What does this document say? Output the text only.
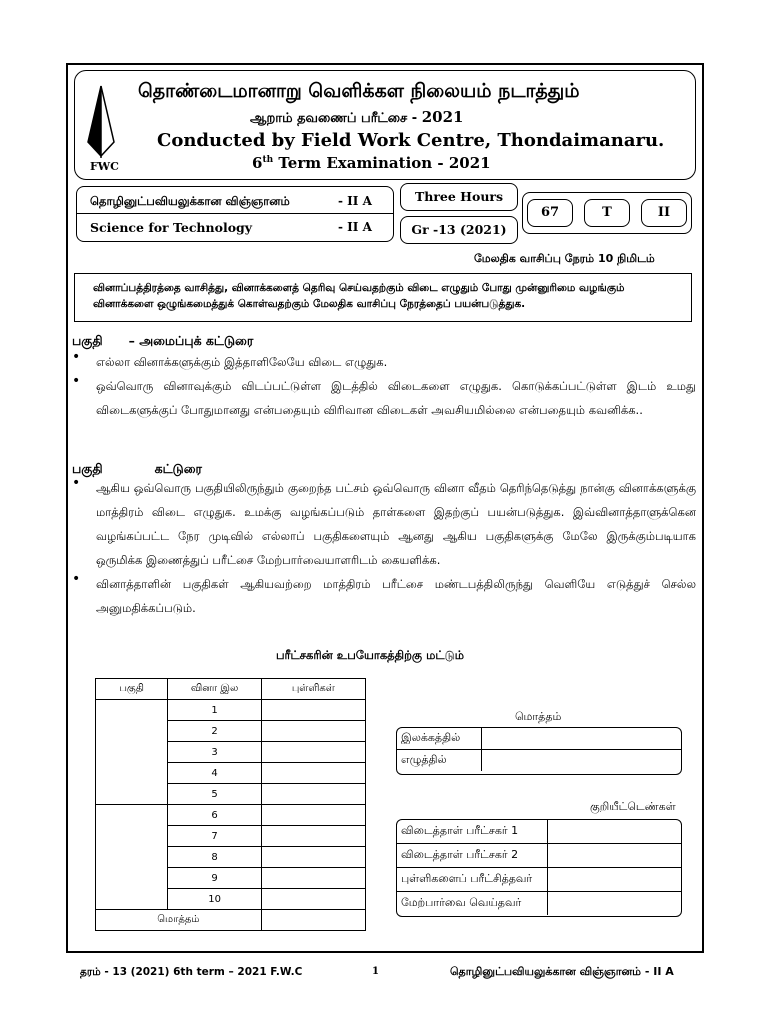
FWC
தொண்டைமானாறு வெளிக்கள நிலையம் நடாத்தும்
ஆறாம் தவணைப் பரீட்சை - 2021
Conducted by Field Work Centre, Thondaimanaru.
6th Term Examination - 2021
தொழினுட்பவியலுக்கான விஞ்ஞானம்	- II A
Science for Technology	- II A
Three Hours
Gr -13 (2021)
67	T	II
மேலதிக வாசிப்பு நேரம் 10 நிமிடம்
வினாப்பத்திரத்தை வாசித்து, வினாக்களைத் தெரிவு செய்வதற்கும் விடை எழுதும் போது முன்னுரிமை வழங்கும் வினாக்களை ஒழுங்கமைத்துக் கொள்வதற்கும் மேலதிக வாசிப்பு நேரத்தைப் பயன்படுத்துக.
பகுதி – அமைப்புக் கட்டுரை
• எல்லா வினாக்களுக்கும் இத்தாளிலேயே விடை எழுதுக.
• ஒவ்வொரு வினாவுக்கும் விடப்பட்டுள்ள இடத்தில் விடைகளை எழுதுக. கொடுக்கப்பட்டுள்ள இடம் உமது விடைகளுக்குப் போதுமானது என்பதையும் விரிவான விடைகள் அவசியமில்லை என்பதையும் கவனிக்க..
பகுதி	கட்டுரை
• ஆகிய ஒவ்வொரு பகுதியிலிருந்தும் குறைந்த பட்சம் ஒவ்வொரு வினா வீதம் தெரிந்தெடுத்து நான்கு வினாக்களுக்கு மாத்திரம் விடை எழுதுக. உமக்கு வழங்கப்படும் தாள்களை இதற்குப் பயன்படுத்துக. இவ்வினாத்தாளுக்கென வழங்கப்பட்ட நேர முடிவில் எல்லாப் பகுதிகளையும் ஆனது ஆகிய பகுதிகளுக்கு மேலே இருக்கும்படியாக ஒருமிக்க இணைத்துப் பரீட்சை மேற்பார்வையாளரிடம் கையளிக்க.
• வினாத்தாளின் பகுதிகள் ஆகியவற்றை மாத்திரம் பரீட்சை மண்டபத்திலிருந்து வெளியே எடுத்துச் செல்ல அனுமதிக்கப்படும்.
பரீட்சகரின் உபயோகத்திற்கு மட்டும்
பகுதி	வினா இல	புள்ளிகள்
	1	
	2	
	3	
	4	
	5	
	6	
	7	
	8	
	9	
	10	
மொத்தம்		
மொத்தம்
இலக்கத்தில்	
எழுத்தில்	
குறியீட்டெண்கள்
விடைத்தாள் பரீட்சகர் 1	
விடைத்தாள் பரீட்சகர் 2	
புள்ளிகளைப் பரீட்சித்தவர்	
மேற்பார்வை வெய்தவர்	
தரம் - 13 (2021) 6th term – 2021 F.W.C	1	தொழினுட்பவியலுக்கான விஞ்ஞானம் - II A
